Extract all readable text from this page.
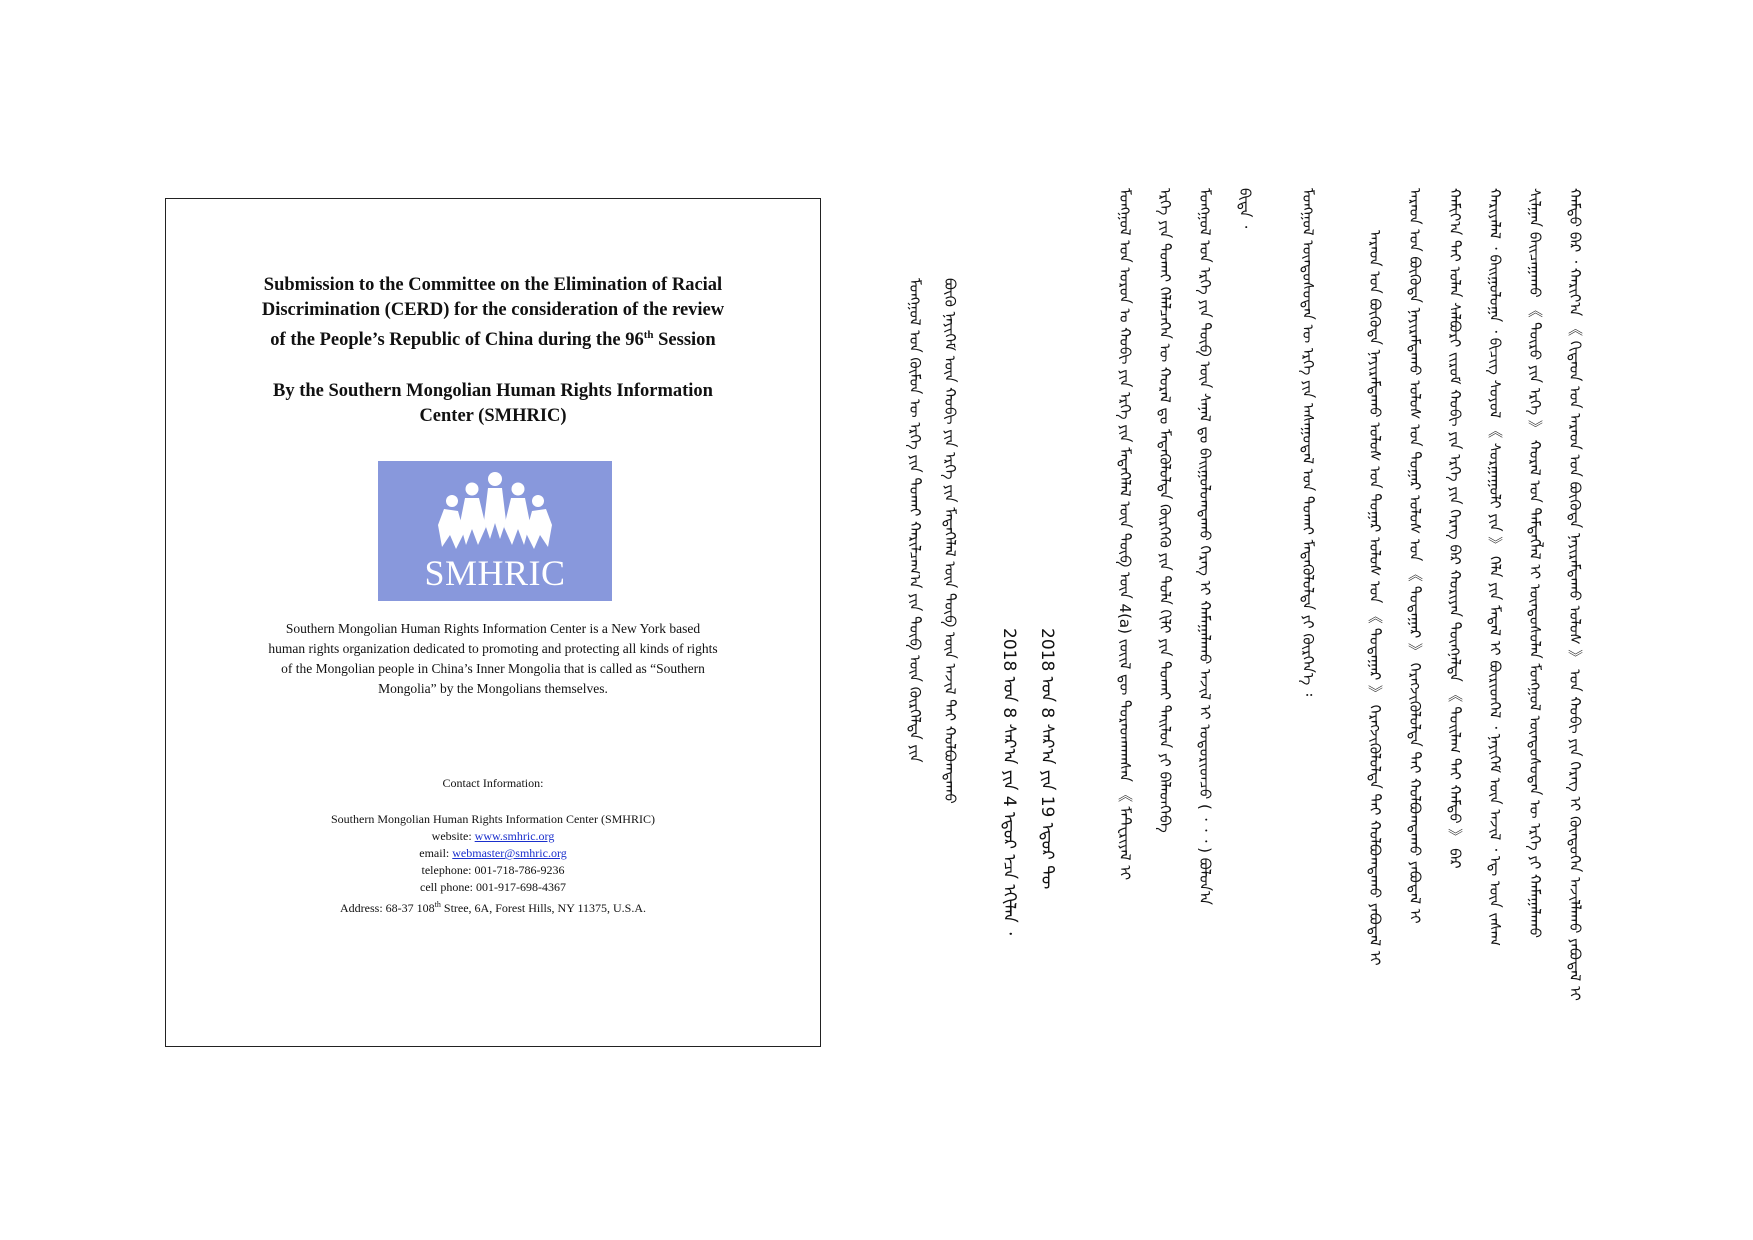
Submission to the Committee on the Elimination of Racial
Discrimination (CERD) for the consideration of the review
of the People’s Republic of China during the 96th Session
By the Southern Mongolian Human Rights Information
Center (SMHRIC)
SMHRIC
Southern Mongolian Human Rights Information Center is a New York based
human rights organization dedicated to promoting and protecting all kinds of rights
of the Mongolian people in China’s Inner Mongolia that is called as “Southern
Mongolia” by the Mongolians themselves.
Contact Information:
Southern Mongolian Human Rights Information Center (SMHRIC)
website: www.smhric.org
email: webmaster@smhric.org
telephone: 001-718-786-9236
cell phone: 001-917-698-4367
Address: 68-37 108th Stree, 6A, Forest Hills, NY 11375, U.S.A.	ᠬᠠᠮᠲᠤ ᠪᠠᠷ ᠂ ᠬᠠᠷᠢᠶ᠎ᠠ 《 ᠬᠢᠲᠠᠳ ᠤᠨ ᠠᠷᠠᠳ ᠤᠨ ᠪᠦᠭᠦᠳᠡ ᠨᠠᠶᠢᠷᠠᠮᠳᠠᠬᠤ ᠤᠯᠤᠰ 》 ᠤᠨ ᠬᠤᠪᠢ ᠶᠢᠨ ᠬᠡᠷᠡᠭ ᠢ ᠬᠦᠨᠳᠦᠭᠡᠨ ᠠᠵᠢᠯᠯᠠᠬᠤ ᠶᠠᠪᠤᠳᠠᠯ ᠢ
ᠰᠢᠯᠭᠠᠨ ᠪᠠᠢᠴᠠᠭᠠᠬᠤ 《 ᠲᠦᠷᠦ ᠶᠢᠨ ᠡᠷᠬᠡ 》 ᠬᠤᠷᠠᠯ ᠤᠨ ᠲᠡᠮᠳᠡᠭᠯᠡᠯ ᠢ ᠦᠨᠳᠦᠰᠦᠯᠡᠨ ᠮᠤᠩᠭᠤᠯ ᠦᠨᠳᠦᠰᠦᠲᠡᠨ ᠦ ᠡᠷᠬᠡ ᠶᠢ ᠬᠠᠮᠠᠭᠠᠯᠠᠬᠤ
ᠬᠠᠷᠢᠶᠠᠯᠠᠯ ᠂ ᠪᠠᠢᠭᠤᠯᠤᠭᠠ ᠂ ᠪᠢᠴᠢᠭ ᠰᠤᠶᠤᠯ 《 ᠰᠤᠷᠭᠠᠭᠤᠯᠢ ᠶᠢᠨ 》 ᠬᠡᠯᠡ ᠶᠢᠨ ᠮᠡᠳᠡᠯ ᠢ ᠪᠦᠷᠢᠳᠬᠡᠯ ᠂ ᠨᠡᠶᠢᠭᠡᠮ ᠦᠨ ᠠᠵᠢᠯ ᠂ ᠡᠳ᠋ ᠦᠨ ᠵᠠᠰᠠᠭ
ᠬᠠᠮᠢᠶ᠎ᠠ ᠲᠠᠢ ᠤᠯᠠᠨ ᠰᠠᠯᠪᠤᠷᠢ ᠵᠢᠷᠤᠮ ᠬᠤᠪᠢ ᠶᠢᠨ ᠡᠷᠬᠡ ᠶᠢᠨ ᠬᠡᠷᠡᠭ ᠪᠠᠷ ᠬᠤᠷᠢᠶᠠᠨ ᠳᠦᠩᠨᠡᠯᠲᠡ 《 ᠲᠤᠢᠯᠠᠭ ᠲᠠᠢ ᠬᠠᠮᠲᠤ 》 ᠪᠠᠷ
ᠠᠷᠠᠳ ᠤᠨ ᠪᠦᠭᠦᠳᠡ ᠨᠠᠶᠢᠷᠠᠮᠳᠠᠬᠤ ᠤᠯᠤᠰ ᠤᠨ ᠳᠤᠭᠠᠷ ᠤᠯᠤᠰ ᠤᠨ 《 ᠳᠤᠲᠠᠭᠠᠷ 》 ᠬᠡᠷᠡᠭᠵᠢᠭᠦᠯᠦᠯᠲᠡ ᠲᠠᠢ ᠬᠤᠯᠪᠤᠭᠳᠠᠬᠤ ᠶᠠᠪᠤᠳᠠᠯ ᠢ
ᠠᠷᠠᠳ ᠤᠨ ᠪᠦᠭᠦᠳᠡ ᠨᠠᠶᠢᠷᠠᠮᠳᠠᠬᠤ ᠤᠯᠤᠰ ᠤᠨ ᠳᠤᠭᠠᠷ ᠤᠯᠤᠰ ᠤᠨ 《 ᠳᠤᠲᠠᠭᠠᠷ 》 ᠬᠡᠷᠡᠭᠵᠢᠭᠦᠯᠦᠯᠲᠡ ᠲᠠᠢ ᠬᠤᠯᠪᠤᠭᠳᠠᠬᠤ ᠶᠠᠪᠤᠳᠠᠯ ᠢ
ᠮᠤᠩᠭᠤᠯ ᠦᠨᠳᠦᠰᠦᠲᠡᠨ ᠦ ᠡᠷᠬᠡ ᠶᠢᠨ ᠠᠰᠠᠭᠤᠳᠠᠯ ᠤᠨ ᠲᠤᠬᠠᠢ ᠮᠡᠳᠡᠭᠦᠯᠦᠯᠲᠡ ᠶᠢ ᠬᠦᠷᠭᠡᠨ᠎ᠡ ᠄
ᠪᠢᠳᠡ ᠂
ᠮᠤᠩᠭᠤᠯ ᠤᠨ ᠡᠷᠬᠡ ᠶᠢᠨ ᠲᠦᠪ ᠦᠨ ᠰᠠᠨᠠᠯ ᠳᠤ ᠪᠠᠢᠭᠤᠯᠤᠭᠳᠠᠬᠤ ᠬᠡᠷᠡᠭ ᠢ ᠬᠠᠮᠠᠭᠠᠯᠠᠬᠤ ᠠᠵᠢᠯ ᠢ ᠤᠳᠤᠷᠢᠳᠴᠤ ( ᠂ ᠂ ᠂ ) ᠪᠤᠯᠤᠨ᠎ᠠ
ᠡᠷᠬᠡ ᠶᠢᠨ ᠲᠤᠬᠠᠢ ᠬᠡᠯᠡᠯᠴᠡᠭᠡᠨ ᠦ ᠬᠤᠷᠠᠯ ᠳᠤ ᠮᠡᠳᠡᠭᠦᠯᠦᠯᠲᠡ ᠬᠦᠷᠭᠡᠬᠦ ᠶᠢᠨ ᠲᠤᠯᠠ ᠬᠢᠯᠢ ᠶᠢᠨ ᠲᠤᠬᠠᠢ ᠲᠠᠢᠯᠤᠨ ᠶᠢ ᠪᠡᠯᠡᠳᠬᠡᠪᠡ
ᠮᠤᠩᠭᠤᠯ ᠤᠨ ᠤᠷᠤᠨ ᠤ ᠬᠤᠪᠢ ᠶᠢᠨ ᠡᠷᠬᠡ ᠶᠢᠨ ᠮᠡᠳᠡᠭᠡᠯᠡᠯ ᠦᠨ ᠲᠦᠪ ᠦᠨ 4(a) ᠵᠦᠢᠯ ᠳᠦ ᠳᠤᠷᠠᠳᠬᠠᠭᠰᠠᠨ 《 ᠮᠠᠲᠧᠷᠢᠶᠠᠯ ᠢ
2018 ᠤᠨ 8 ᠰᠠᠷ᠎ᠠ ᠶᠢᠨ 19 ᠡᠳᠦᠷ ᠲᠦ
2018 ᠤᠨ 8 ᠰᠠᠷ᠎ᠠ ᠶᠢᠨ 4 ᠡᠳᠦᠷ ᠡᠴᠡ ᠡᠬᠢᠯᠡᠨ ᠂
ᠪᠦᠬᠦ ᠨᠡᠶᠢᠭᠡᠮ ᠦᠨ ᠬᠤᠪᠢ ᠶᠢᠨ ᠡᠷᠬᠡ ᠶᠢᠨ ᠮᠡᠳᠡᠭᠡᠯᠡᠯ ᠦᠨ ᠲᠦᠪ ᠦᠨ ᠠᠵᠢᠯ ᠲᠠᠢ ᠬᠤᠯᠪᠤᠭᠳᠠᠬᠤ
ᠮᠤᠩᠭᠤᠯ ᠤᠨ ᠬᠦᠮᠦᠨ ᠦ ᠡᠷᠬᠡ ᠶᠢᠨ ᠲᠤᠬᠠᠢ ᠬᠠᠷᠢᠯᠴᠠᠭ᠎ᠠ ᠶᠢᠨ ᠲᠦᠪ ᠦᠨ ᠬᠦᠷᠭᠡᠯᠲᠡ ᠶᠢᠨ
